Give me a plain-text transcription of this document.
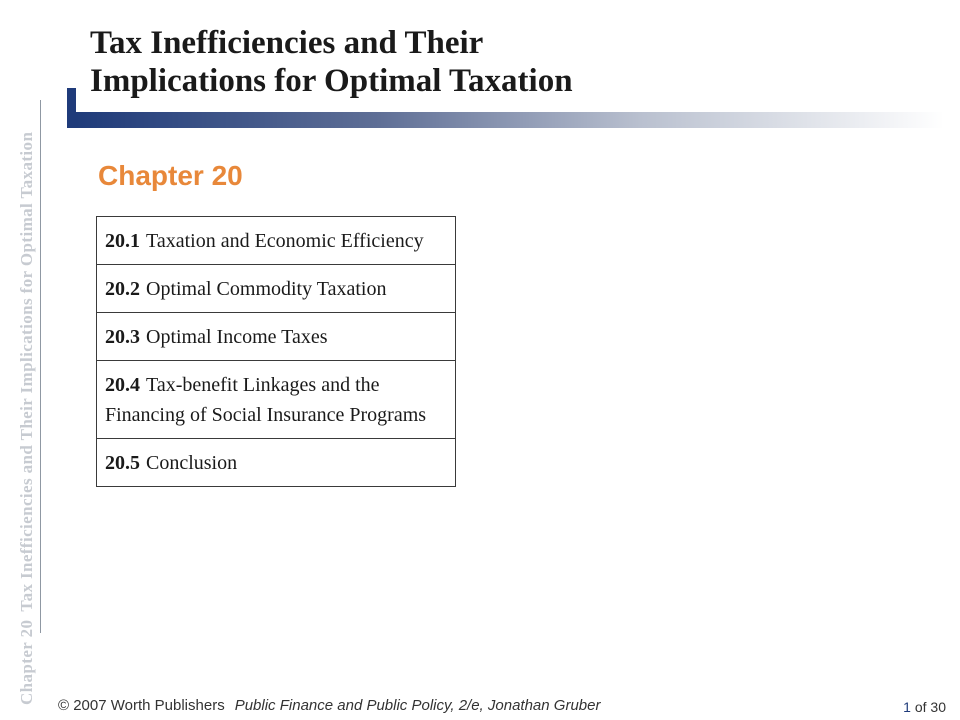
Chapter 20Tax Inefficiencies and Their Implications for Optimal Taxation
Tax Inefficiencies and Their
Implications for Optimal Taxation
Chapter 20
20.1 Taxation and Economic Efficiency
20.2 Optimal Commodity Taxation
20.3 Optimal Income Taxes
20.4 Tax-benefit Linkages and the Financing of Social Insurance Programs
20.5 Conclusion
© 2007 Worth Publishers Public Finance and Public Policy, 2/e, Jonathan Gruber	1 of 30
